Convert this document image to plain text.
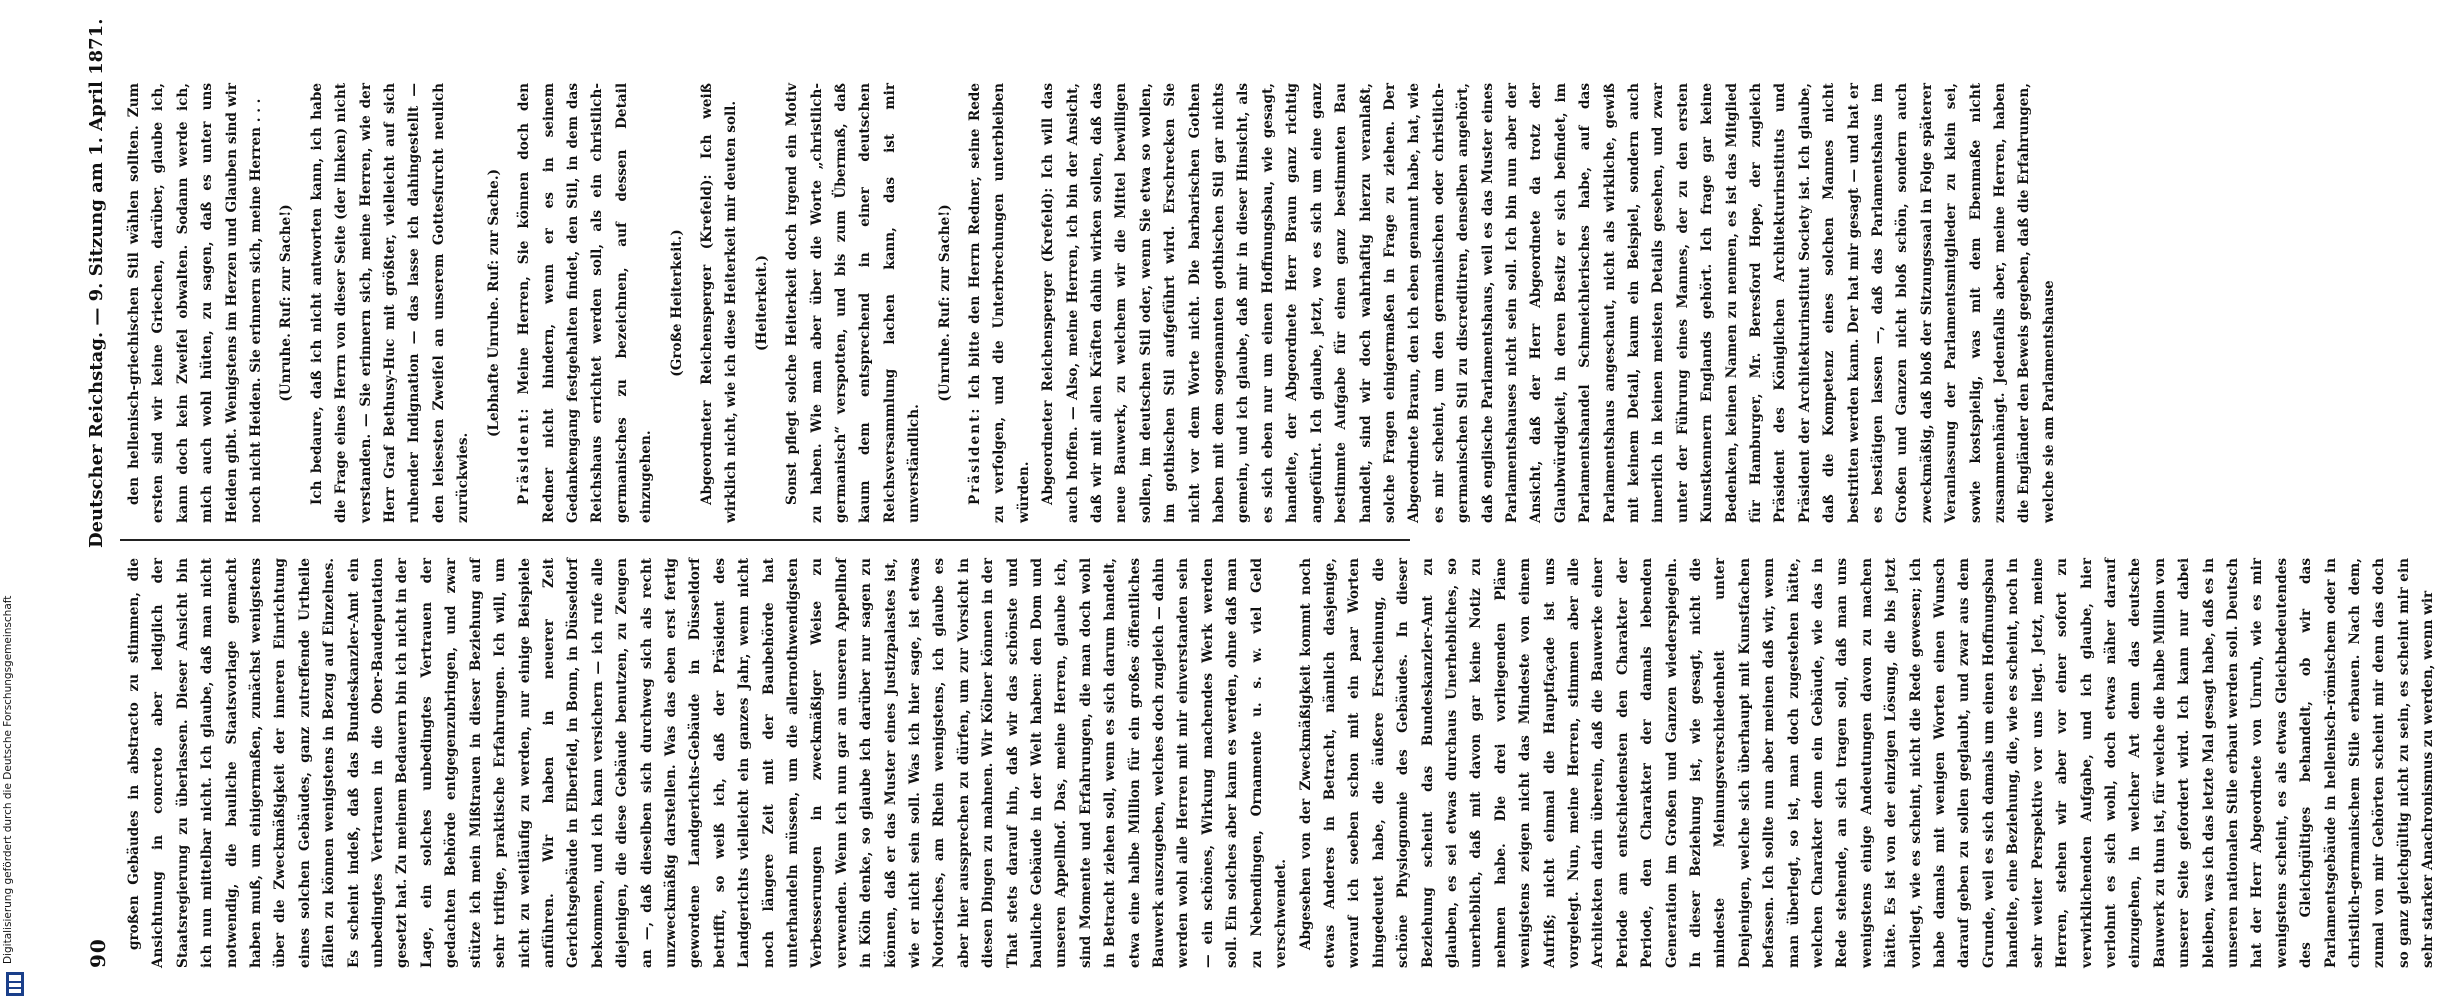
90
Deutscher Reichstag. — 9. Sitzung am 1. April 1871.

großen Gebäudes in abstracto zu stimmen, die Ansichtnung in concreto aber lediglich der Staatsregierung zu überlassen. Dieser Ansicht bin ich nun mittelbar nicht. Ich glaube, daß man nicht notwendig, die bauliche Staatsvorlage gemacht haben muß, um einigermaßen, zunächst wenigstens über die Zweckmäßigkeit der inneren Einrichtung eines solchen Gebäudes, ganz zutreffende Urtheile fällen zu können wenigstens in Bezug auf Einzelnes. Es scheint indeß, daß das Bundeskanzler-Amt ein unbedingtes Vertrauen in die Ober-Baudeputation gesetzt hat. Zu meinem Bedauern bin ich nicht in der Lage, ein solches unbedingtes Vertrauen der gedachten Behörde entgegenzubringen, und zwar stütze ich mein Mißtrauen in dieser Beziehung auf sehr triftige, praktische Erfahrungen. Ich will, um nicht zu weitläufig zu werden, nur einige Beispiele anführen. Wir haben in neuerer Zeit Gerichtsgebäude in Elberfeld, in Bonn, in Düsseldorf bekommen, und ich kann versichern — ich rufe alle diejenigen, die diese Gebäude benutzen, zu Zeugen an —, daß dieselben sich durchweg sich als recht unzweckmäßig darstellen. Was das eben erst fertig gewordene Landgerichts-Gebäude in Düsseldorf betrifft, so weiß ich, daß der Präsident des Landgerichts vielleicht ein ganzes Jahr, wenn nicht noch längere Zeit mit der Baubehörde hat unterhandeln müssen, um die allernothwendigsten Verbesserungen in zweckmäßiger Weise zu verwenden. Wenn ich nun gar an unseren Appellhof in Köln denke, so glaube ich darüber nur sagen zu können, daß er das Muster eines Justizpalastes ist, wie er nicht sein soll. Was ich hier sage, ist etwas Notorisches, am Rhein wenigstens, ich glaube es aber hier aussprechen zu dürfen, um zur Vorsicht in diesen Dingen zu mahnen. Wir Kölner können in der That stets darauf hin, daß wir das schönste und bauliche Gebäude in der Welt haben: den Dom und unseren Appellhof. Das, meine Herren, glaube ich, sind Momente und Erfahrungen, die man doch wohl in Betracht ziehen soll, wenn es sich darum handelt, etwa eine halbe Million für ein großes öffentliches Bauwerk auszugeben, welches doch zugleich — dahin werden wohl alle Herren mit mir einverstanden sein — ein schönes, Wirkung machendes Werk werden soll. Ein solches aber kann es werden, ohne daß man zu Nebendingen, Ornamente u. s. w. viel Geld verschwendet. Abgesehen von der Zweckmäßigkeit kommt noch etwas Anderes in Betracht, nämlich dasjenige, worauf ich soeben schon mit ein paar Worten hingedeutet habe, die äußere Erscheinung, die schöne Physiognomie des Gebäudes. In dieser Beziehung scheint das Bundeskanzler-Amt zu glauben, es sei etwas durchaus Unerhebliches, so unerheblich, daß mit davon gar keine Notiz zu nehmen habe. Die drei vorliegenden Pläne wenigstens zeigen nicht das Mindeste von einem Aufriß; nicht einmal die Hauptfaçade ist uns vorgelegt. Nun, meine Herren, stimmen aber alle Architekten darin überein, daß die Bauwerke einer Periode am entschiedensten den Charakter der Periode, den Charakter der damals lebenden Generation im Großen und Ganzen wiederspiegeln. In dieser Beziehung ist, wie gesagt, nicht die mindeste Meinungsverschiedenheit unter Denjenigen, welche sich überhaupt mit Kunstfachen befassen. Ich sollte nun aber meinen daß wir, wenn man überlegt, so ist, man doch zugestehen hätte, welchen Charakter denn ein Gebäude, wie das in Rede stehende, an sich tragen soll, daß man uns wenigstens einige Andeutungen davon zu machen hätte. Es ist von der einzigen Lösung, die bis jetzt vorliegt, wie es scheint, nicht die Rede gewesen; ich habe damals mit wenigen Worten einen Wunsch darauf geben zu sollen geglaubt, und zwar aus dem Grunde, weil es sich damals um einen Hoffnungsbau handelte, eine Beziehung, die, wie es scheint, noch in sehr weiter Perspektive vor uns liegt. Jetzt, meine Herren, stehen wir aber vor einer sofort zu verwirklichenden Aufgabe, und ich glaube, hier verlohnt es sich wohl, doch etwas näher darauf einzugehen, in welcher Art denn das deutsche Bauwerk zu thun ist, für welche die halbe Million von unserer Seite gefordert wird. Ich kann nur dabei bleiben, was ich das letzte Mal gesagt habe, daß es in unseren nationalen Stile erbaut werden soll. Deutsch hat der Herr Abgeordnete von Unruh, wie es mir wenigstens scheint, es als etwas Gleichbedeutendes des Gleichgültiges behandelt, ob wir das Parlamentsgebäude in hellenisch-römischem oder in christlich-germanischem Stile erbauen. Nach dem, zumal von mir Gehörten scheint mir denn das doch so ganz gleichgültig nicht zu sein, es scheint mir ein sehr starker Anachronismus zu werden, wenn wir

den hellenisch-griechischen Stil wählen sollten. Zum ersten sind wir keine Griechen, darüber, glaube ich, kann doch kein Zweifel obwalten. Sodann werde ich, mich auch wohl hüten, zu sagen, daß es unter uns Heiden gibt. Wenigstens im Herzen und Glauben sind wir noch nicht Heiden. Sie erinnern sich, meine Herren . . .	(Unruhe. Ruf: zur Sache!)	Ich bedaure, daß ich nicht antworten kann, ich habe die Frage eines Herrn von dieser Seite (der linken) nicht verstanden. — Sie erinnern sich, meine Herren, wie der Herr Graf Bethusy-Huc mit größter, vielleicht auf sich ruhender Indignation — das lasse ich dahingestellt — den leisesten Zweifel an unserem Gottesfurcht neulich zurückwies.

(Lebhafte Unruhe. Ruf: zur Sache.)

Präsident: Meine Herren, Sie können doch den Redner nicht hindern, wenn er es in seinem Gedankengang festgehalten findet, den Stil, in dem das Reichshaus errichtet werden soll, als ein christlich-germanisches zu bezeichnen, auf dessen Detail einzugehen.

(Große Heiterkeit.)	Abgeordneter Reichensperger (Krefeld): Ich weiß wirklich nicht, wie ich diese Heiterkeit mir deuten soll.	(Heiterkeit.)	Sonst pflegt solche Heiterkeit doch irgend ein Motiv zu haben. Wie man aber über die Worte „christlich-germanisch“ verspotten, und bis zum Übermaß, daß kaum dem entsprechend in einer deutschen Reichsversammlung lachen kann, das ist mir unverständlich.

(Unruhe. Ruf: zur Sache!)

Präsident: Ich bitte den Herrn Redner, seine Rede zu verfolgen, und die Unterbrechungen unterbleiben würden. Abgeordneter Reichensperger (Krefeld): Ich will das auch hoffen. — Also, meine Herren, ich bin der Ansicht, daß wir mit allen Kräften dahin wirken sollen, daß das neue Bauwerk, zu welchem wir die Mittel bewilligen sollen, im deutschen Stil oder, wenn Sie etwa so wollen, im gothischen Stil aufgeführt wird. Erschrecken Sie nicht vor dem Worte nicht. Die barbarischen Gothen haben mit dem sogenannten gothischen Stil gar nichts gemein, und ich glaube, daß mir in dieser Hinsicht, als es sich eben nur um einen Hoffnungsbau, wie gesagt, handelte, der Abgeordnete Herr Braun ganz richtig angeführt. Ich glaube, jetzt, wo es sich um eine ganz bestimmte Aufgabe für einen ganz bestimmten Bau handelt, sind wir doch wahrhaftig hierzu veranlaßt, solche Fragen einigermaßen in Frage zu ziehen. Der Abgeordnete Braun, den ich eben genannt habe, hat, wie es mir scheint, um den germanischen oder christlich-germanischen Stil zu discreditiren, denselben angehört, daß englische Parlamentshaus, weil es das Muster eines Parlamentshauses nicht sein soll. Ich bin nun aber der Ansicht, daß der Herr Abgeordnete da trotz der Glaubwürdigkeit, in deren Besitz er sich befindet, im Parlamentshandel Schmeichlerisches habe, auf das Parlamentshaus angeschaut, nicht als wirkliche, gewiß mit keinem Detail, kaum ein Beispiel, sondern auch innerlich in keinen meisten Details gesehen, und zwar unter der Führung eines Mannes, der zu den ersten Kunstkennern Englands gehört. Ich frage gar keine Bedenken, keinen Namen zu nennen, es ist das Mitglied für Hamburger, Mr. Beresford Hope, der zugleich Präsident des Königlichen Architekturinstituts und Präsident der Architekturinstitut Society ist. Ich glaube, daß die Kompetenz eines solchen Mannes nicht bestritten werden kann. Der hat mir gesagt — und hat er es bestätigen lassen —, daß das Parlamentshaus im Großen und Ganzen nicht bloß schön, sondern auch zweckmäßig, daß bloß der Sitzungssaal in Folge späterer Veranlassung der Parlamentsmitglieder zu klein sei, sowie kostspielig, was mit dem Ebenmaße nicht zusammenhängt. Jedenfalls aber, meine Herren, haben die Engländer den Beweis gegeben, daß die Erfahrungen, welche sie am Parlamentshause

Digitalisierung gefördert durch die Deutsche Forschungsgemeinschaft
